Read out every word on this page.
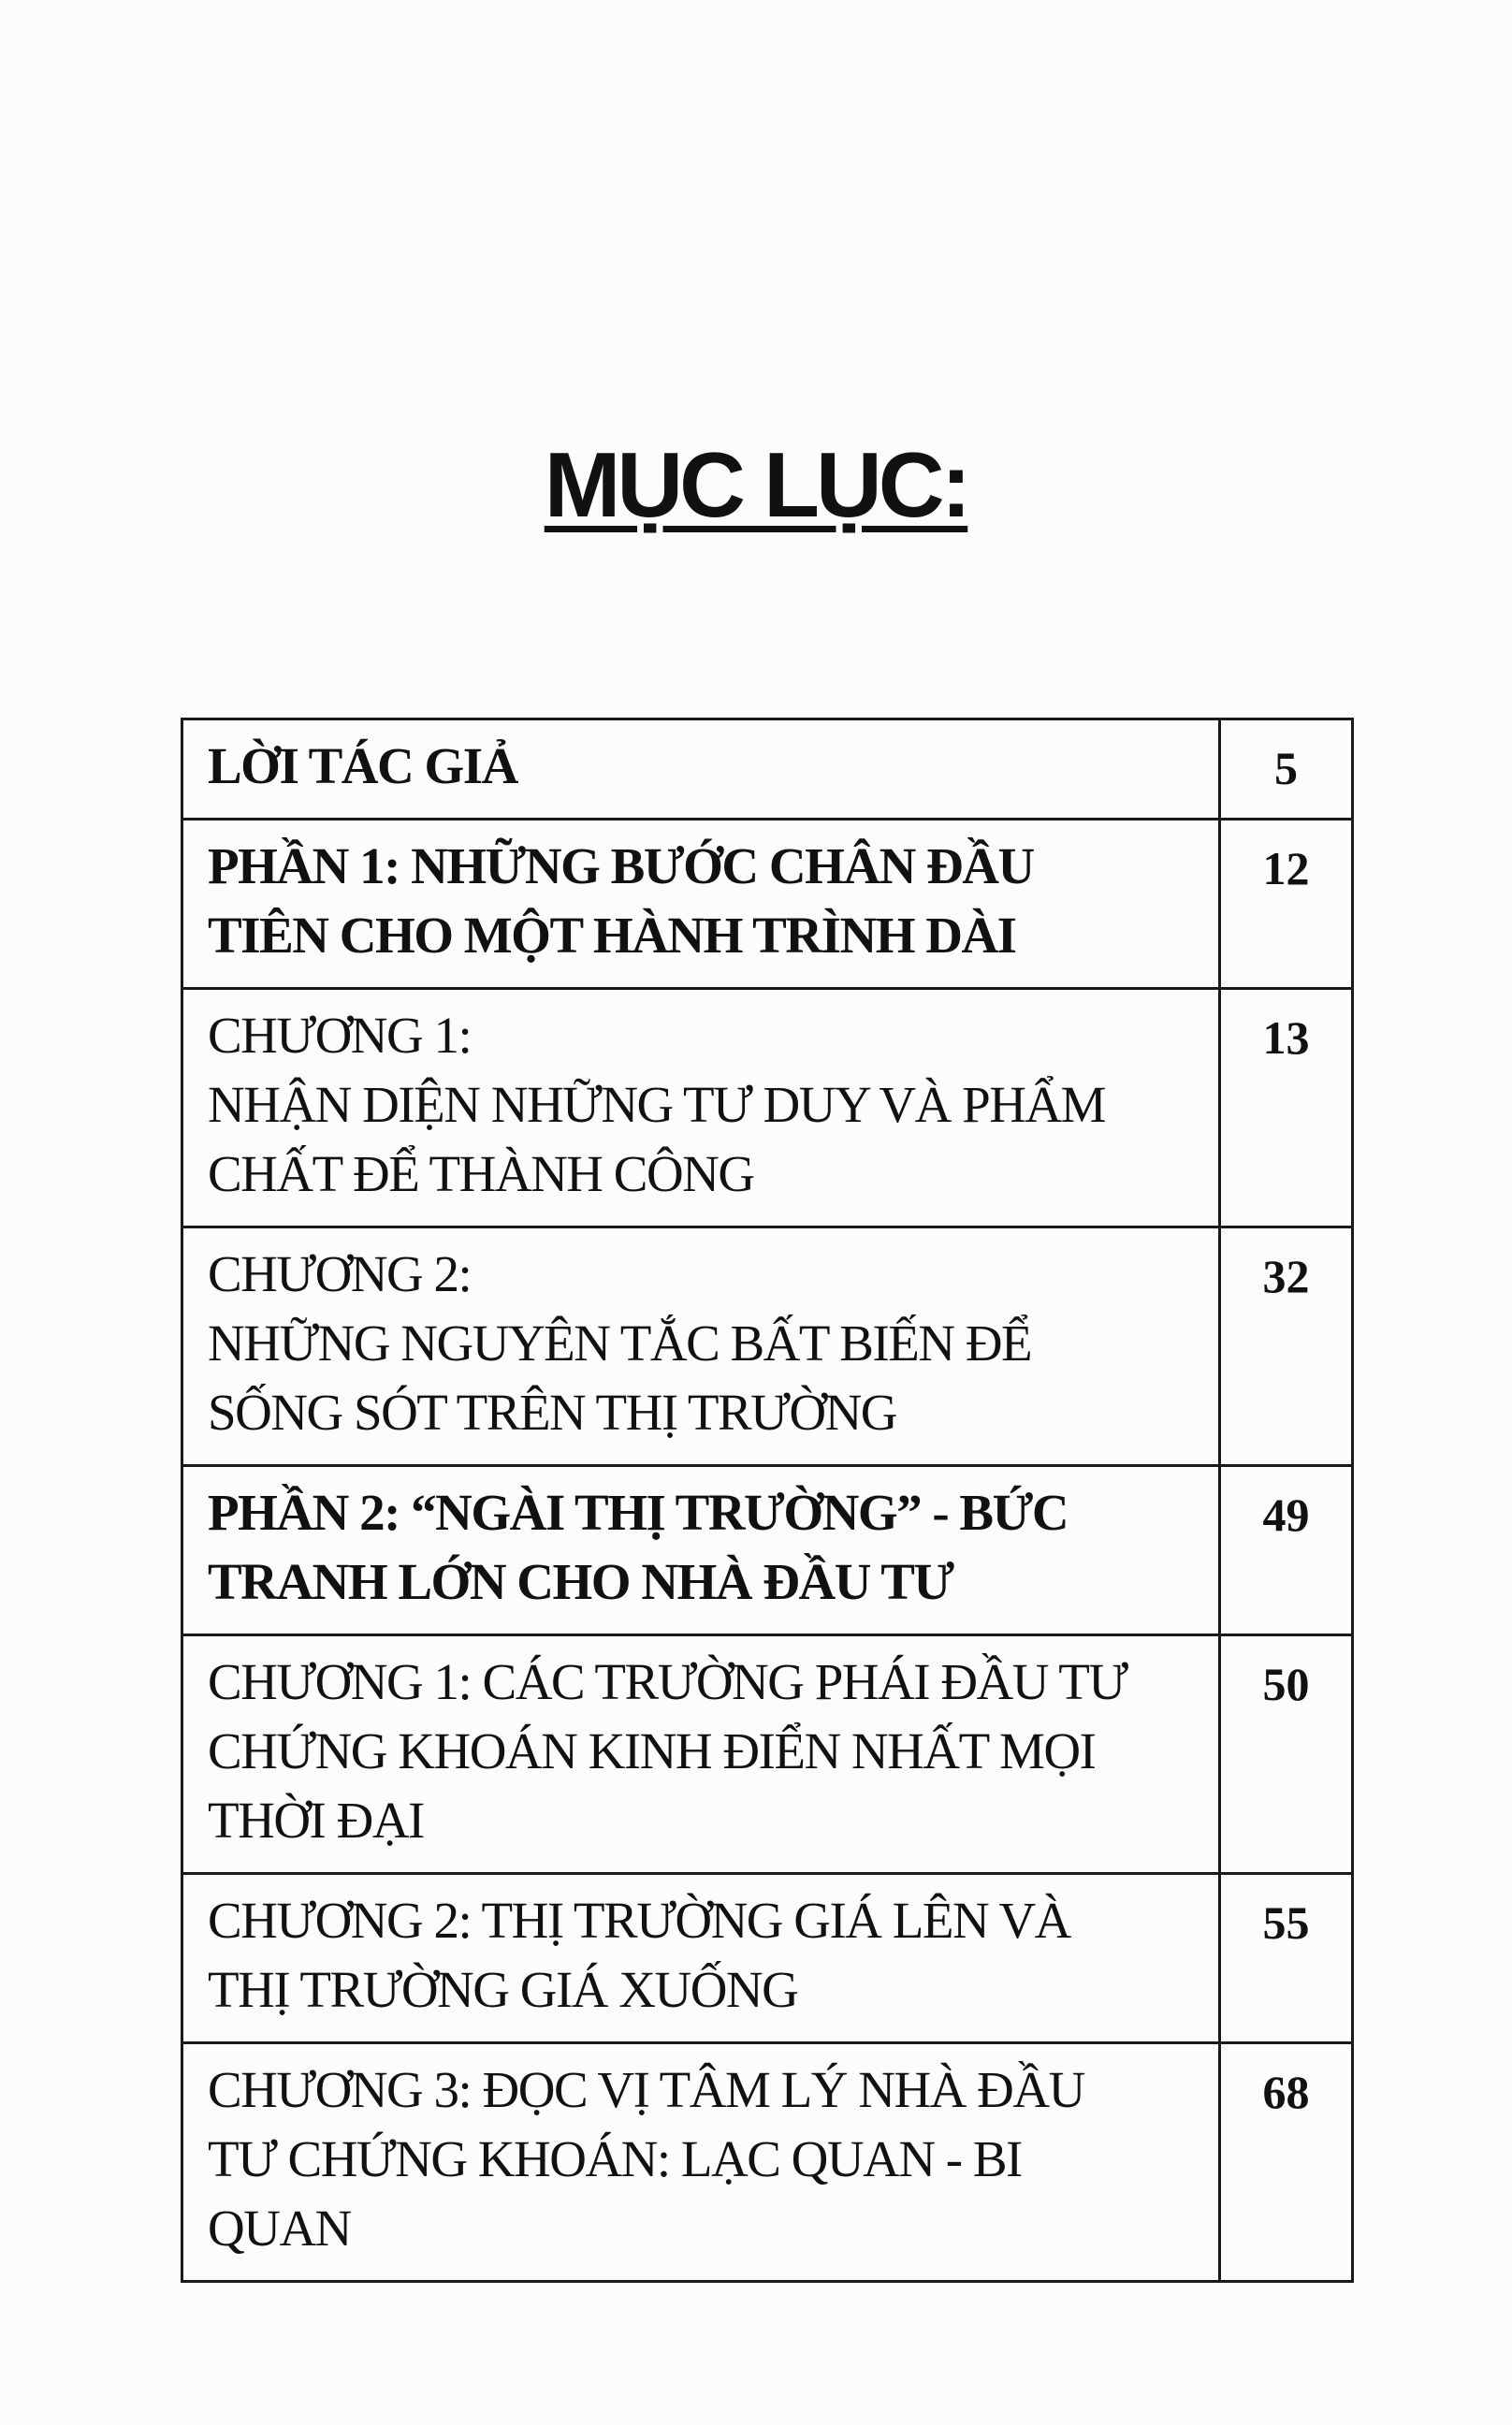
MỤC LỤC:
LỜI TÁC GIẢ	5

PHẦN 1: NHỮNG BƯỚC CHÂN ĐẦU
TIÊN CHO MỘT HÀNH TRÌNH DÀI	12

CHƯƠNG 1:
NHẬN DIỆN NHỮNG TƯ DUY VÀ PHẨM
CHẤT ĐỂ THÀNH CÔNG	13

CHƯƠNG 2:
NHỮNG NGUYÊN TẮC BẤT BIẾN ĐỂ
SỐNG SÓT TRÊN THỊ TRƯỜNG	32

PHẦN 2: “NGÀI THỊ TRƯỜNG” - BỨC
TRANH LỚN CHO NHÀ ĐẦU TƯ	49

CHƯƠNG 1: CÁC TRƯỜNG PHÁI ĐẦU TƯ
CHỨNG KHOÁN KINH ĐIỂN NHẤT MỌI
THỜI ĐẠI	50

CHƯƠNG 2: THỊ TRƯỜNG GIÁ LÊN VÀ
THỊ TRƯỜNG GIÁ XUỐNG	55

CHƯƠNG 3: ĐỌC VỊ TÂM LÝ NHÀ ĐẦU
TƯ CHỨNG KHOÁN: LẠC QUAN - BI
QUAN	68
